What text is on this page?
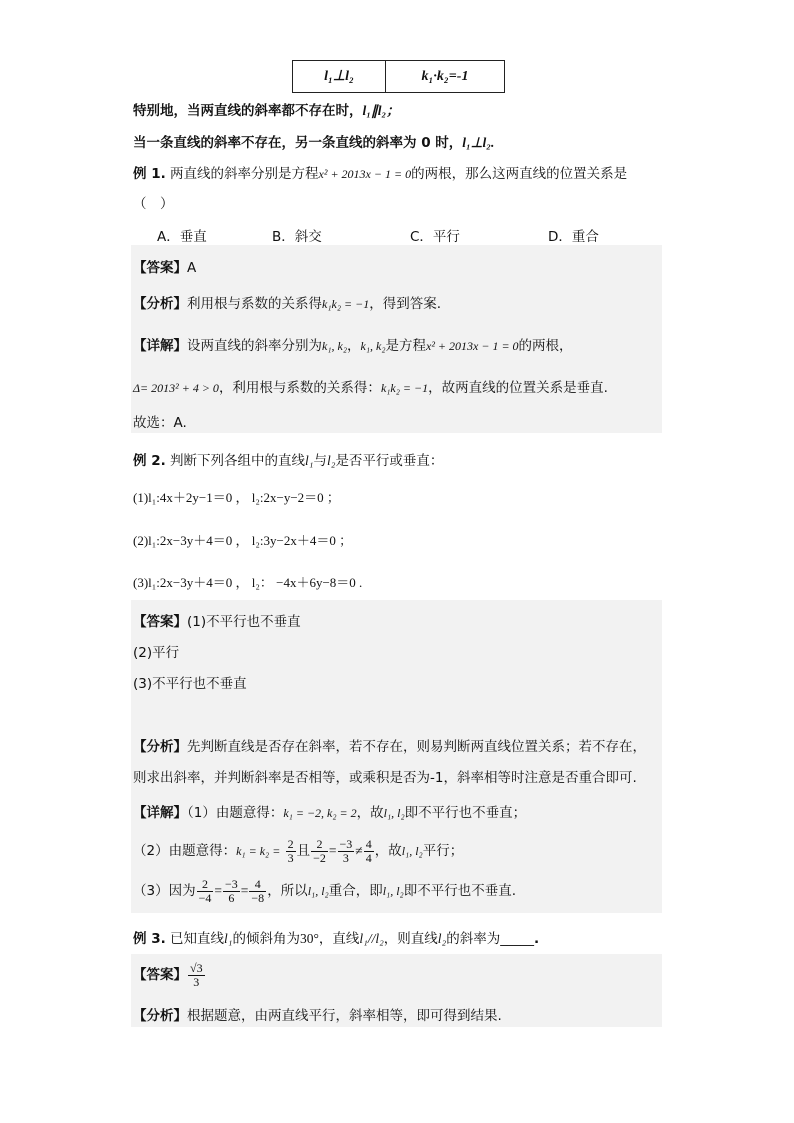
l₁⊥l₂	k₁·k₂=-1
特别地，当两直线的斜率都不存在时，l₁∥l₂；
当一条直线的斜率不存在，另一条直线的斜率为 0 时，l₁⊥l₂.
例 1. 两直线的斜率分别是方程x² + 2013x − 1 = 0的两根，那么这两直线的位置关系是
（　）
A．垂直	B．斜交	C．平行	D．重合
【答案】A
【分析】利用根与系数的关系得k₁k₂ = −1，得到答案.
【详解】设两直线的斜率分别为k₁, k₂，k₁, k₂是方程x² + 2013x − 1 = 0的两根，
Δ= 2013² + 4 > 0，利用根与系数的关系得：k₁k₂ = −1，故两直线的位置关系是垂直.
故选：A.
例 2. 判断下列各组中的直线l₁与l₂是否平行或垂直：
(1)l₁:4x＋2y−1＝0 ， l₂:2x−y−2＝0 ；
(2)l₁:2x−3y＋4＝0 ， l₂:3y−2x＋4＝0 ；
(3)l₁:2x−3y＋4＝0 ， l₂： −4x＋6y−8＝0 .
【答案】(1)不平行也不垂直
(2)平行
(3)不平行也不垂直
【分析】先判断直线是否存在斜率，若不存在，则易判断两直线位置关系；若不存在，
则求出斜率，并判断斜率是否相等，或乘积是否为-1，斜率相等时注意是否重合即可.
【详解】（1）由题意得：k₁ = −2, k₂ = 2，故l₁, l₂即不平行也不垂直；
（2）由题意得：$k_1 = k_2 = \frac{2}{3}$ 且 $\frac{2}{-2} = \frac{-3}{3} \ne \frac{4}{4}$ ，故l₁, l₂平行；
（3）因为 $\frac{2}{-4} = \frac{-3}{6} = \frac{4}{-8}$ ，所以l₁, l₂重合，即l₁, l₂即不平行也不垂直.
例 3. 已知直线l₁的倾斜角为30°，直线l₁//l₂，则直线l₂的斜率为_____.
【答案】 $\frac{√3}{3}$
【分析】根据题意，由两直线平行，斜率相等，即可得到结果.
